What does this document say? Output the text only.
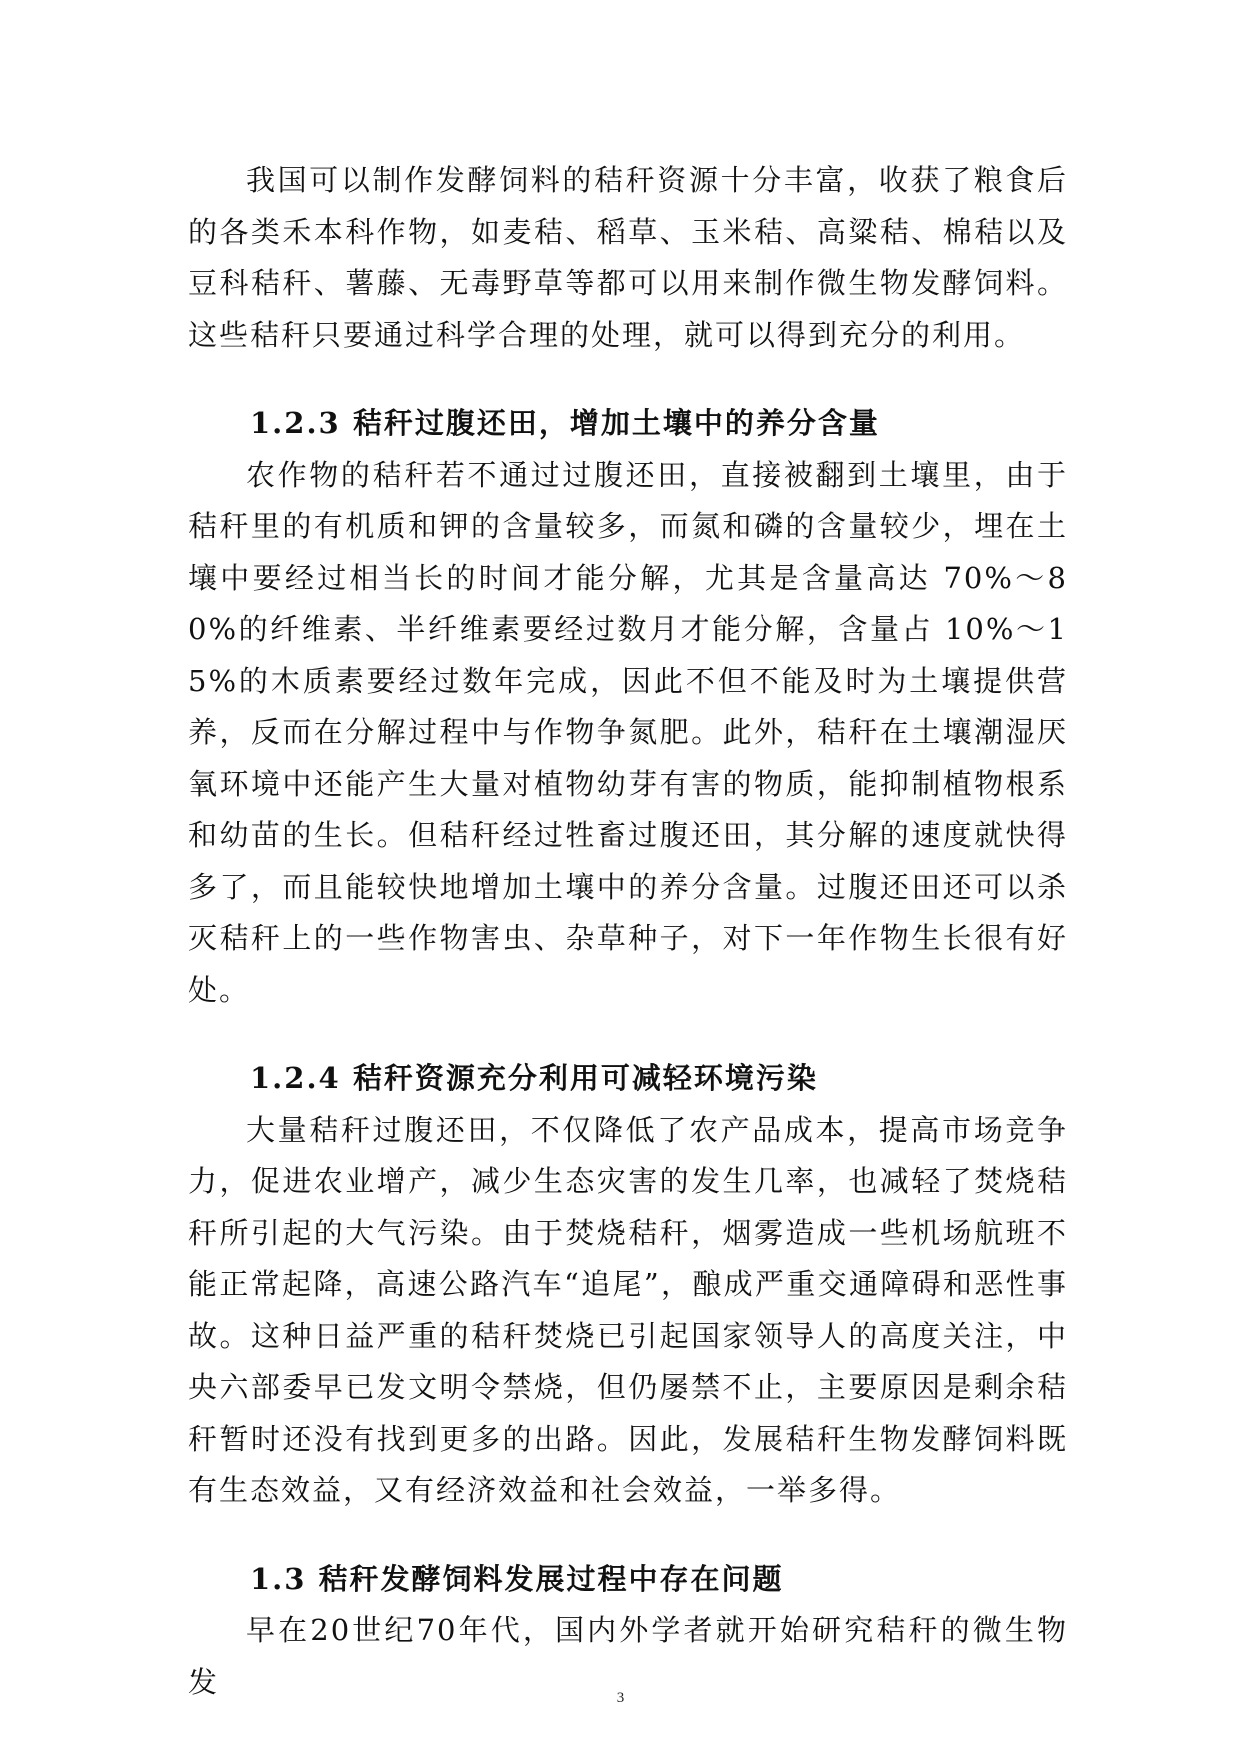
我国可以制作发酵饲料的秸秆资源十分丰富，收获了粮食后的各类禾本科作物，如麦秸、稻草、玉米秸、高粱秸、棉秸以及豆科秸秆、薯藤、无毒野草等都可以用来制作微生物发酵饲料。这些秸秆只要通过科学合理的处理，就可以得到充分的利用。

1.2.3 秸秆过腹还田，增加土壤中的养分含量

农作物的秸秆若不通过过腹还田，直接被翻到土壤里，由于秸秆里的有机质和钾的含量较多，而氮和磷的含量较少，埋在土壤中要经过相当长的时间才能分解，尤其是含量高达 70%～80%的纤维素、半纤维素要经过数月才能分解，含量占 10%～15%的木质素要经过数年完成，因此不但不能及时为土壤提供营养，反而在分解过程中与作物争氮肥。此外，秸秆在土壤潮湿厌氧环境中还能产生大量对植物幼芽有害的物质，能抑制植物根系和幼苗的生长。但秸秆经过牲畜过腹还田，其分解的速度就快得多了，而且能较快地增加土壤中的养分含量。过腹还田还可以杀灭秸秆上的一些作物害虫、杂草种子，对下一年作物生长很有好处。

1.2.4 秸秆资源充分利用可减轻环境污染

大量秸秆过腹还田，不仅降低了农产品成本，提高市场竞争力，促进农业增产，减少生态灾害的发生几率，也减轻了焚烧秸秆所引起的大气污染。由于焚烧秸秆，烟雾造成一些机场航班不能正常起降，高速公路汽车“追尾”，酿成严重交通障碍和恶性事故。这种日益严重的秸秆焚烧已引起国家领导人的高度关注，中央六部委早已发文明令禁烧，但仍屡禁不止，主要原因是剩余秸秆暂时还没有找到更多的出路。因此，发展秸秆生物发酵饲料既有生态效益，又有经济效益和社会效益，一举多得。

1.3 秸秆发酵饲料发展过程中存在问题

早在20世纪70年代，国内外学者就开始研究秸秆的微生物发	3
